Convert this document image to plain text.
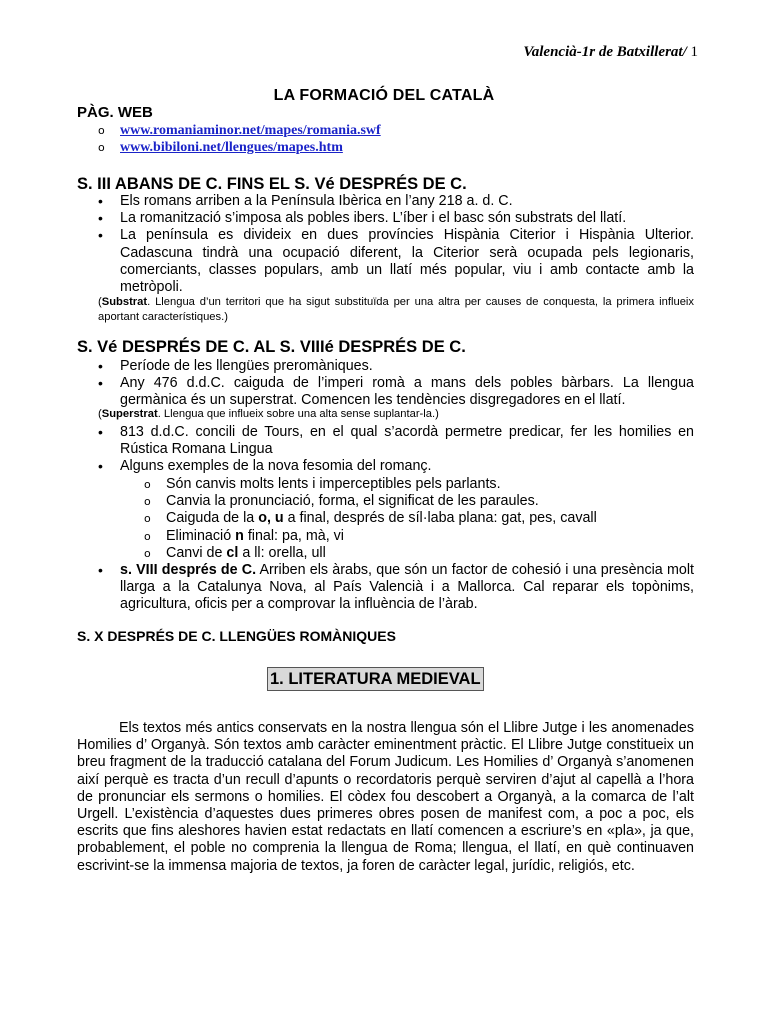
Valencià-1r de Batxillerat/ 1
LA FORMACIÓ DEL CATALÀ
PÀG. WEB
o	www.romaniaminor.net/mapes/romania.swf
o	www.bibiloni.net/llengues/mapes.htm
S. III ABANS DE C. FINS EL S. Vé DESPRÉS DE C.
•	Els romans arriben a la Península Ibèrica en l’any 218 a. d. C.
•	La romanització s’imposa als pobles ibers. L’íber i el basc són substrats del llatí.
•	La península es divideix en dues províncies Hispània Citerior i Hispània Ulterior. Cadascuna tindrà una ocupació diferent, la Citerior serà ocupada pels legionaris, comerciants, classes populars, amb un llatí més popular, viu i amb contacte amb la metròpoli.
(Substrat. Llengua d’un territori que ha sigut substituïda per una altra per causes de conquesta, la primera influeix aportant característiques.)
S. Vé DESPRÉS DE C. AL S. VIIIé DESPRÉS DE C.
•	Període de les llengües preromàniques.
•	Any 476 d.d.C. caiguda de l’imperi romà a mans dels pobles bàrbars. La llengua germànica és un superstrat. Comencen les tendències disgregadores en el llatí.
(Superstrat. Llengua que influeix sobre una alta sense suplantar-la.)
•	813 d.d.C. concili de Tours, en el qual s’acordà permetre predicar, fer les homilies en Rústica Romana Lingua
•	Alguns exemples de la nova fesomia del romanç.
o	Són canvis molts lents i imperceptibles pels parlants.
o	Canvia la pronunciació, forma, el significat de les paraules.
o	Caiguda de la o, u a final, després de síl·laba plana: gat, pes, cavall
o	Eliminació n final: pa, mà, vi
o	Canvi de cl a ll: orella, ull
•	s. VIII després de C. Arriben els àrabs, que són un factor de cohesió i una presència molt llarga a la Catalunya Nova, al País Valencià i a Mallorca. Cal reparar els topònims, agricultura, oficis per a comprovar la influència de l’àrab.
S. X DESPRÉS DE C. LLENGÜES ROMÀNIQUES
1. LITERATURA MEDIEVAL

Els textos més antics conservats en la nostra llengua són el Llibre Jutge i les anomenades Homilies d’ Organyà. Són textos amb caràcter eminentment pràctic. El Llibre Jutge constitueix un breu fragment de la traducció catalana del Forum Judicum. Les Homilies d’ Organyà s’anomenen així perquè es tracta d’un recull d’apunts o recordatoris perquè serviren d’ajut al capellà a l’hora de pronunciar els sermons o homilies. El còdex fou descobert a Organyà, a la comarca de l’alt Urgell. L’existència d’aquestes dues primeres obres posen de manifest com, a poc a poc, els escrits que fins aleshores havien estat redactats en llatí comencen a escriure’s en «pla», ja que, probablement, el poble no comprenia la llengua de Roma; llengua, el llatí, en què continuaven escrivint-se la immensa majoria de textos, ja foren de caràcter legal, jurídic, religiós, etc.
